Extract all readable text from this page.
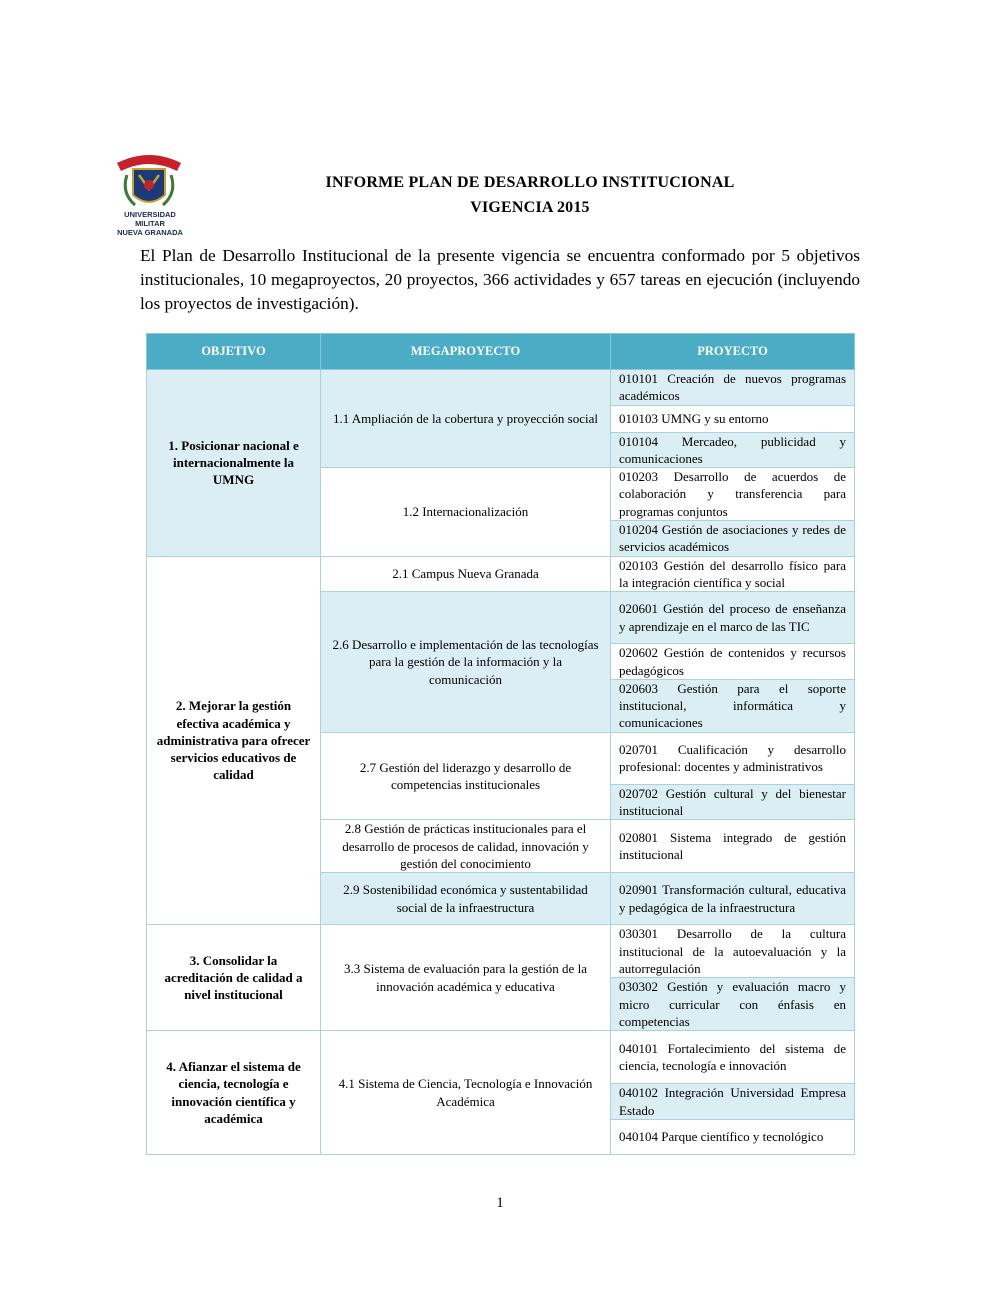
UNIVERSIDAD MILITAR
NUEVA GRANADA
INFORME PLAN DE DESARROLLO INSTITUCIONAL
VIGENCIA 2015

El Plan de Desarrollo Institucional de la presente vigencia se encuentra conformado por 5 objetivos institucionales, 10 megaproyectos, 20 proyectos, 366 actividades y 657 tareas en ejecución (incluyendo los proyectos de investigación).

OBJETIVO	MEGAPROYECTO	PROYECTO
1. Posicionar nacional e internacionalmente la UMNG	1.1 Ampliación de la cobertura y proyección social	010101 Creación de nuevos programas académicos
		010103 UMNG y su entorno
		010104 Mercadeo, publicidad y comunicaciones
	1.2 Internacionalización	010203 Desarrollo de acuerdos de colaboración y transferencia para programas conjuntos
		010204 Gestión de asociaciones y redes de servicios académicos
2. Mejorar la gestión efectiva académica y administrativa para ofrecer servicios educativos de calidad	2.1 Campus Nueva Granada	020103 Gestión del desarrollo físico para la integración científica y social
	2.6 Desarrollo e implementación de las tecnologías para la gestión de la información y la comunicación	020601 Gestión del proceso de enseñanza y aprendizaje en el marco de las TIC
		020602 Gestión de contenidos y recursos pedagógicos
		020603 Gestión para el soporte institucional, informática y comunicaciones
	2.7 Gestión del liderazgo y desarrollo de competencias institucionales	020701 Cualificación y desarrollo profesional: docentes y administrativos
		020702 Gestión cultural y del bienestar institucional
	2.8 Gestión de prácticas institucionales para el desarrollo de procesos de calidad, innovación y gestión del conocimiento	020801 Sistema integrado de gestión institucional
	2.9 Sostenibilidad económica y sustentabilidad social de la infraestructura	020901 Transformación cultural, educativa y pedagógica de la infraestructura

3. Consolidar la acreditación de calidad a nivel institucional	3.3 Sistema de evaluación para la gestión de la innovación académica y educativa	030301 Desarrollo de la cultura institucional de la autoevaluación y la autorregulación
		030302 Gestión y evaluación macro y micro curricular con énfasis en competencias
4. Afianzar el sistema de ciencia, tecnología e innovación científica y académica	4.1 Sistema de Ciencia, Tecnología e Innovación Académica	040101 Fortalecimiento del sistema de ciencia, tecnología e innovación
		040102 Integración Universidad Empresa Estado
		040104 Parque científico y tecnológico
1
